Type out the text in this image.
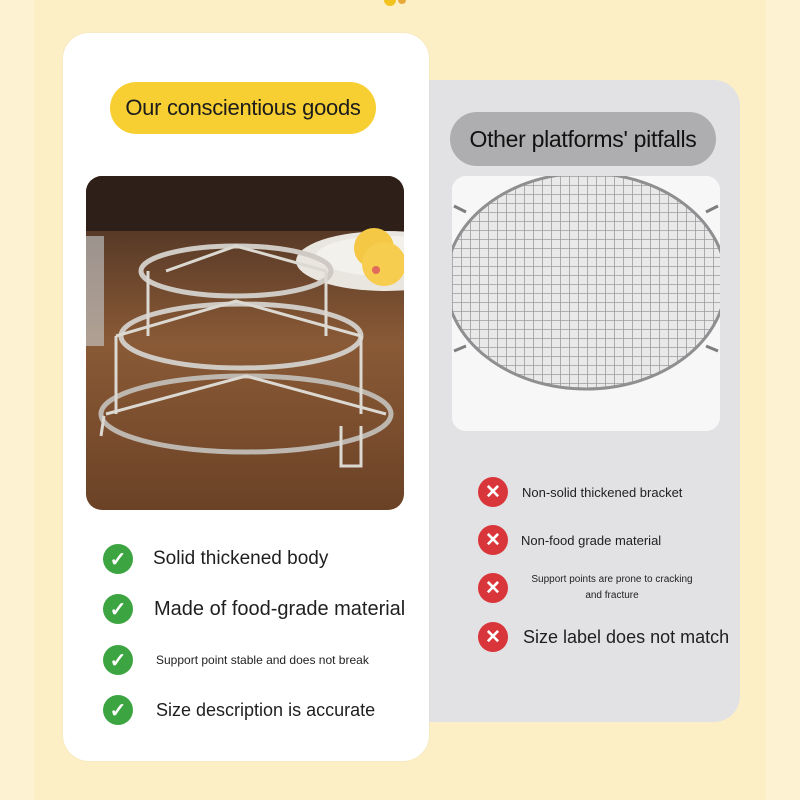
Other platforms' pitfalls
✕	Non-solid thickened bracket
✕	Non-food grade material
✕	Support points are prone to cracking and fracture
✕	Size label does not match
Our conscientious goods
✓	Solid thickened body
✓	Made of food-grade material
✓	Support point stable and does not break
✓	Size description is accurate
